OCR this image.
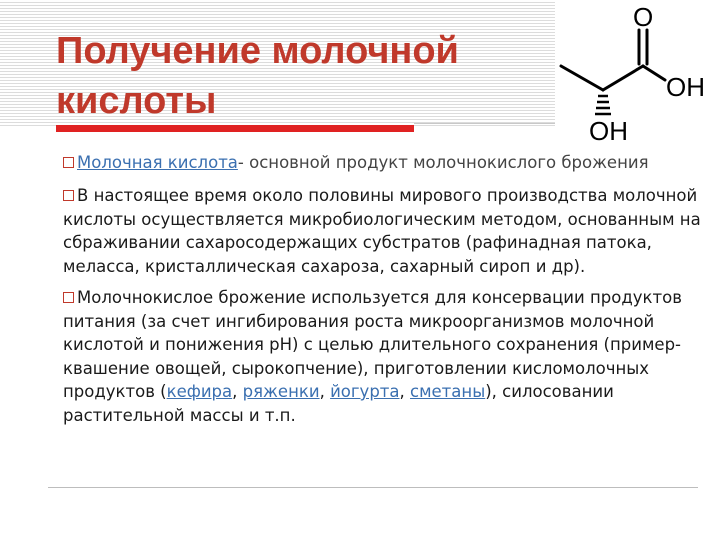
Получение молочной
кислоты
O
OH
OH

Молочная кислота- основной продукт молочнокислого брожения

В настоящее время около половины мирового производства молочной кислоты осуществляется микробиологическим методом, основанным на сбраживании сахаросодержащих субстратов (рафинадная патока, меласса, кристаллическая сахароза, сахарный сироп и др).

Молочнокислое брожение используется для консервации продуктов питания (за счет ингибирования роста микроорганизмов молочной кислотой и понижения рН) с целью длительного сохранения (пример- квашение овощей, сырокопчение), приготовлении кисломолочных продуктов (кефира, ряженки, йогурта, сметаны), силосовании растительной массы и т.п.
